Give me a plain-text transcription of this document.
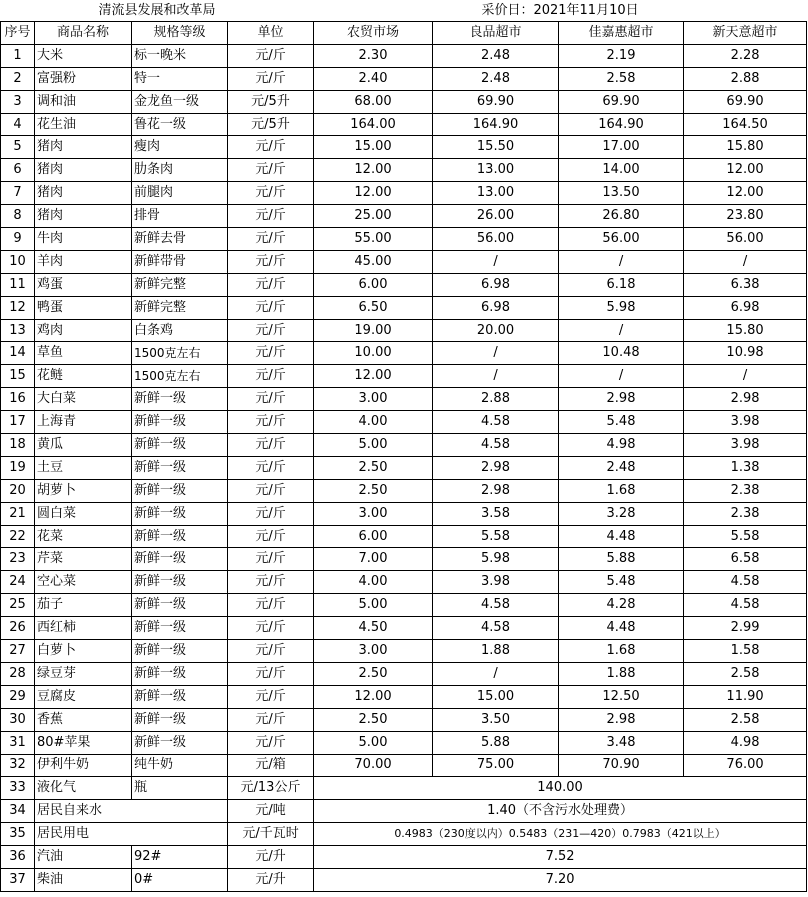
清流县发展和改革局				采价日：2021年11月10日			
序号	商品名称	规格等级	单位	农贸市场	良品超市	佳嘉惠超市	新天意超市
1	大米	标一晚米	元/斤	2.30	2.48	2.19	2.28
2	富强粉	特一	元/斤	2.40	2.48	2.58	2.88
3	调和油	金龙鱼一级	元/5升	68.00	69.90	69.90	69.90
4	花生油	鲁花一级	元/5升	164.00	164.90	164.90	164.50
5	猪肉	瘦肉	元/斤	15.00	15.50	17.00	15.80
6	猪肉	肋条肉	元/斤	12.00	13.00	14.00	12.00
7	猪肉	前腿肉	元/斤	12.00	13.00	13.50	12.00
8	猪肉	排骨	元/斤	25.00	26.00	26.80	23.80
9	牛肉	新鲜去骨	元/斤	55.00	56.00	56.00	56.00
10	羊肉	新鲜带骨	元/斤	45.00	/	/	/
11	鸡蛋	新鲜完整	元/斤	6.00	6.98	6.18	6.38
12	鸭蛋	新鲜完整	元/斤	6.50	6.98	5.98	6.98
13	鸡肉	白条鸡	元/斤	19.00	20.00	/	15.80
14	草鱼	1500克左右	元/斤	10.00	/	10.48	10.98
15	花鲢	1500克左右	元/斤	12.00	/	/	/
16	大白菜	新鲜一级	元/斤	3.00	2.88	2.98	2.98
17	上海青	新鲜一级	元/斤	4.00	4.58	5.48	3.98
18	黄瓜	新鲜一级	元/斤	5.00	4.58	4.98	3.98
19	土豆	新鲜一级	元/斤	2.50	2.98	2.48	1.38
20	胡萝卜	新鲜一级	元/斤	2.50	2.98	1.68	2.38
21	圆白菜	新鲜一级	元/斤	3.00	3.58	3.28	2.38
22	花菜	新鲜一级	元/斤	6.00	5.58	4.48	5.58
23	芹菜	新鲜一级	元/斤	7.00	5.98	5.88	6.58
24	空心菜	新鲜一级	元/斤	4.00	3.98	5.48	4.58
25	茄子	新鲜一级	元/斤	5.00	4.58	4.28	4.58
26	西红柿	新鲜一级	元/斤	4.50	4.58	4.48	2.99
27	白萝卜	新鲜一级	元/斤	3.00	1.88	1.68	1.58
28	绿豆芽	新鲜一级	元/斤	2.50	/	1.88	2.58
29	豆腐皮	新鲜一级	元/斤	12.00	15.00	12.50	11.90
30	香蕉	新鲜一级	元/斤	2.50	3.50	2.98	2.58
31	80#苹果	新鲜一级	元/斤	5.00	5.88	3.48	4.98
32	伊利牛奶	纯牛奶	元/箱	70.00	75.00	70.90	76.00
33	液化气	瓶	元/13公斤	140.00			
34	居民自来水		元/吨	1.40（不含污水处理费）			
35	居民用电		元/千瓦时	0.4983（230度以内）0.5483（231—420）0.7983（421以上）			
36	汽油	92#	元/升	7.52			
37	柴油	0#	元/升	7.20			
